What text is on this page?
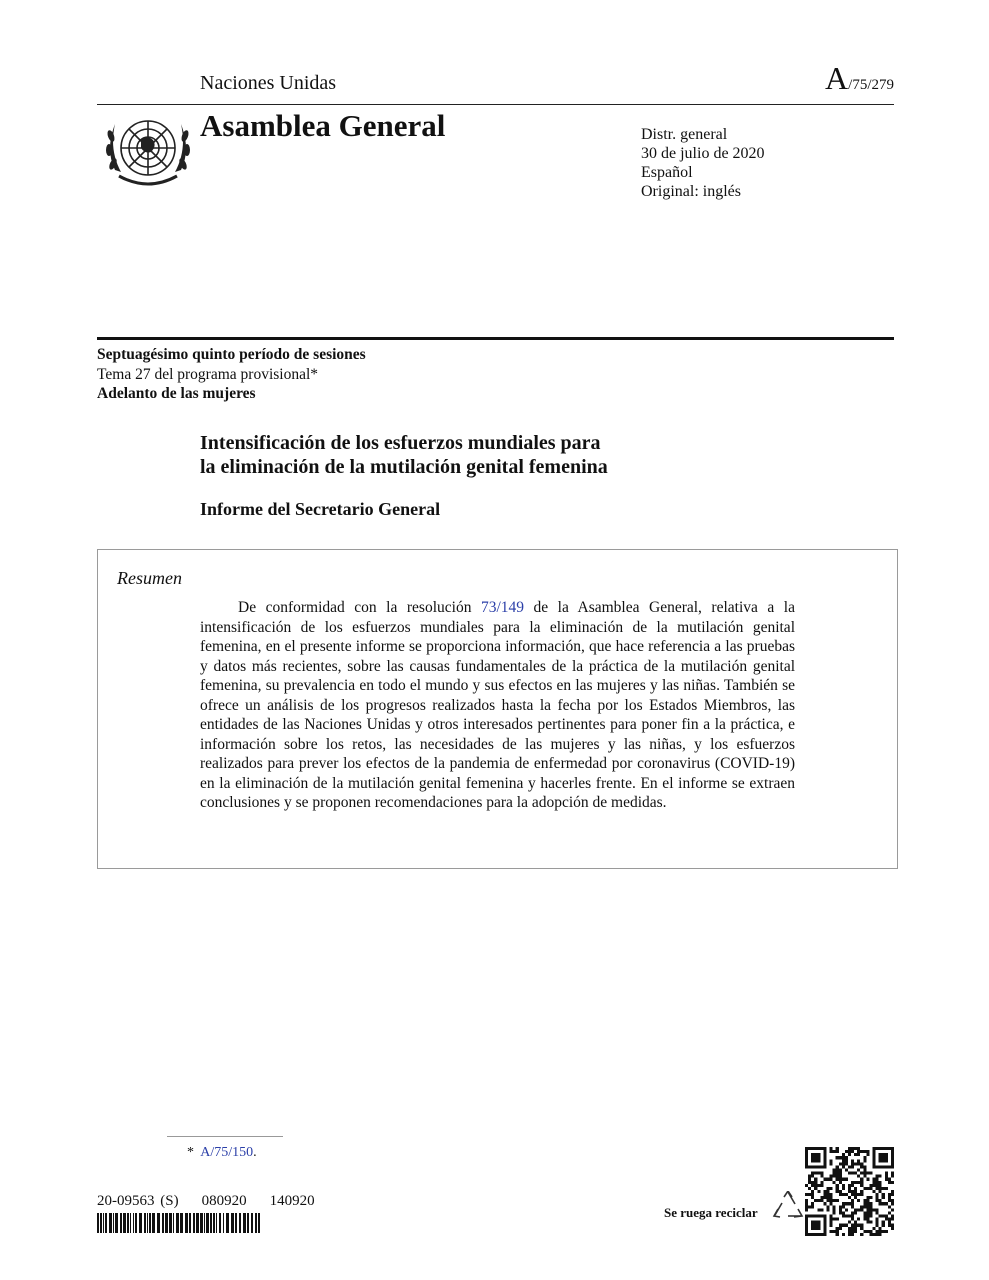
Naciones Unidas	A/75/279
Asamblea General	Distr. general
30 de julio de 2020
Español
Original: inglés
Septuagésimo quinto período de sesiones
Tema 27 del programa provisional*
Adelanto de las mujeres
Intensificación de los esfuerzos mundiales para
la eliminación de la mutilación genital femenina
Informe del Secretario General
Resumen

De conformidad con la resolución 73/149 de la Asamblea General, relativa a la intensificación de los esfuerzos mundiales para la eliminación de la mutilación genital femenina, en el presente informe se proporciona información, que hace referencia a las pruebas y datos más recientes, sobre las causas fundamentales de la práctica de la mutilación genital femenina, su prevalencia en todo el mundo y sus efectos en las mujeres y las niñas. También se ofrece un análisis de los progresos realizados hasta la fecha por los Estados Miembros, las entidades de las Naciones Unidas y otros interesados pertinentes para poner fin a la práctica, e información sobre los retos, las necesidades de las mujeres y las niñas, y los esfuerzos realizados para prever los efectos de la pandemia de enfermedad por coronavirus (COVID-19) en la eliminación de la mutilación genital femenina y hacerles frente. En el informe se extraen conclusiones y se proponen recomendaciones para la adopción de medidas.

* A/75/150.
20-09563 (S)    080920    140920
Se ruega reciclar
